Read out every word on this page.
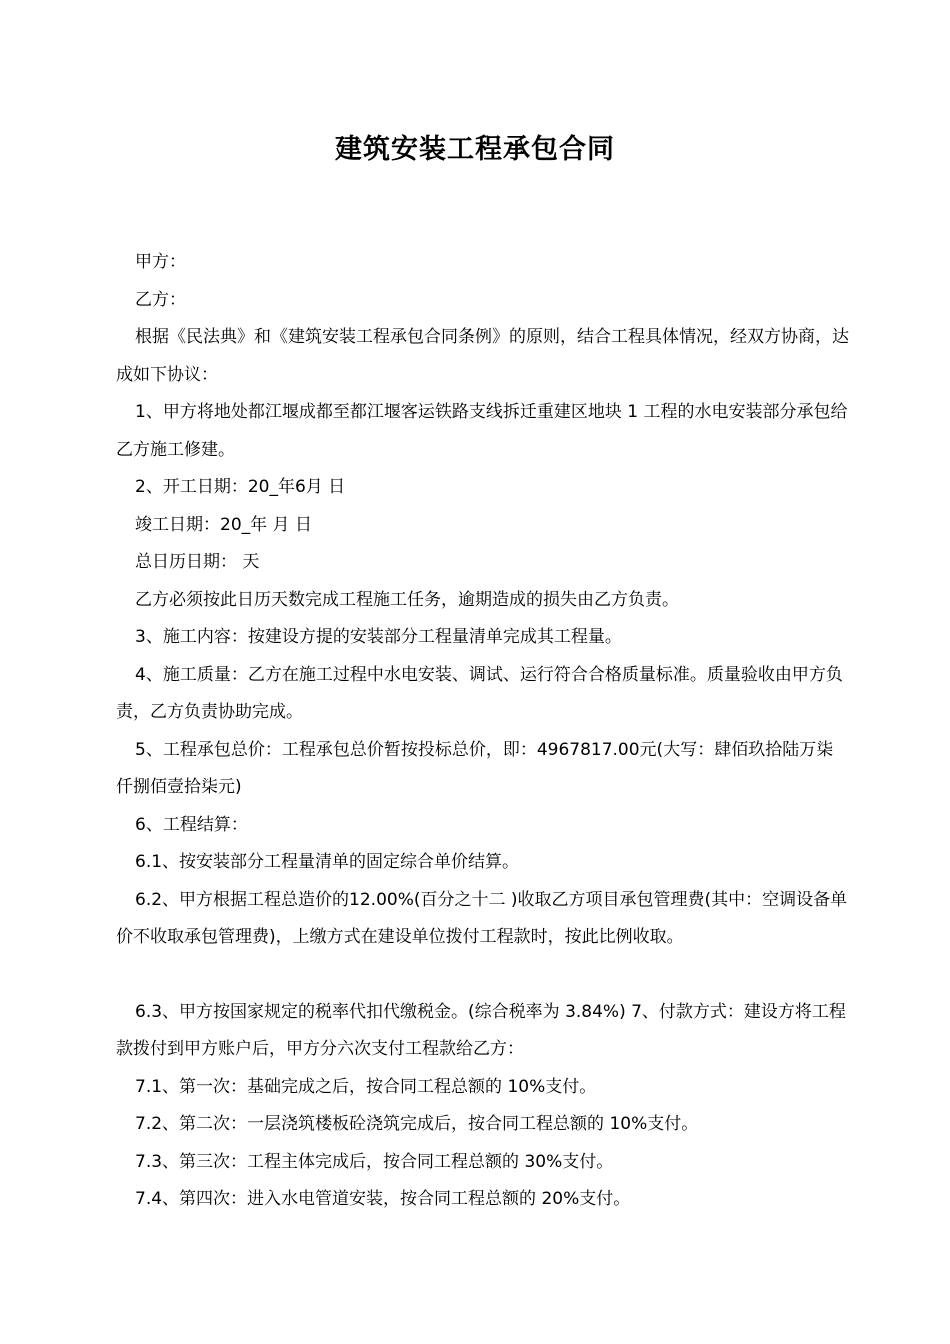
建筑安装工程承包合同

甲方：

乙方：

根据《民法典》和《建筑安装工程承包合同条例》的原则，结合工程具体情况，经双方协商，达成如下协议：

1、甲方将地处都江堰成都至都江堰客运铁路支线拆迁重建区地块 1 工程的水电安装部分承包给乙方施工修建。

2、开工日期：20_年6月 日

竣工日期：20_年 月 日

总日历日期： 天

乙方必须按此日历天数完成工程施工任务，逾期造成的损失由乙方负责。

3、施工内容：按建设方提的安装部分工程量清单完成其工程量。

4、施工质量：乙方在施工过程中水电安装、调试、运行符合合格质量标准。质量验收由甲方负责，乙方负责协助完成。

5、工程承包总价：工程承包总价暂按投标总价，即：4967817.00元(大写：肆佰玖拾陆万柒仟捌佰壹拾柒元)

6、工程结算：

6.1、按安装部分工程量清单的固定综合单价结算。

6.2、甲方根据工程总造价的12.00%(百分之十二 )收取乙方项目承包管理费(其中：空调设备单价不收取承包管理费)，上缴方式在建设单位拨付工程款时，按此比例收取。

6.3、甲方按国家规定的税率代扣代缴税金。(综合税率为 3.84%) 7、付款方式：建设方将工程款拨付到甲方账户后，甲方分六次支付工程款给乙方：

7.1、第一次：基础完成之后，按合同工程总额的 10%支付。

7.2、第二次：一层浇筑楼板砼浇筑完成后，按合同工程总额的 10%支付。

7.3、第三次：工程主体完成后，按合同工程总额的 30%支付。

7.4、第四次：进入水电管道安装，按合同工程总额的 20%支付。
